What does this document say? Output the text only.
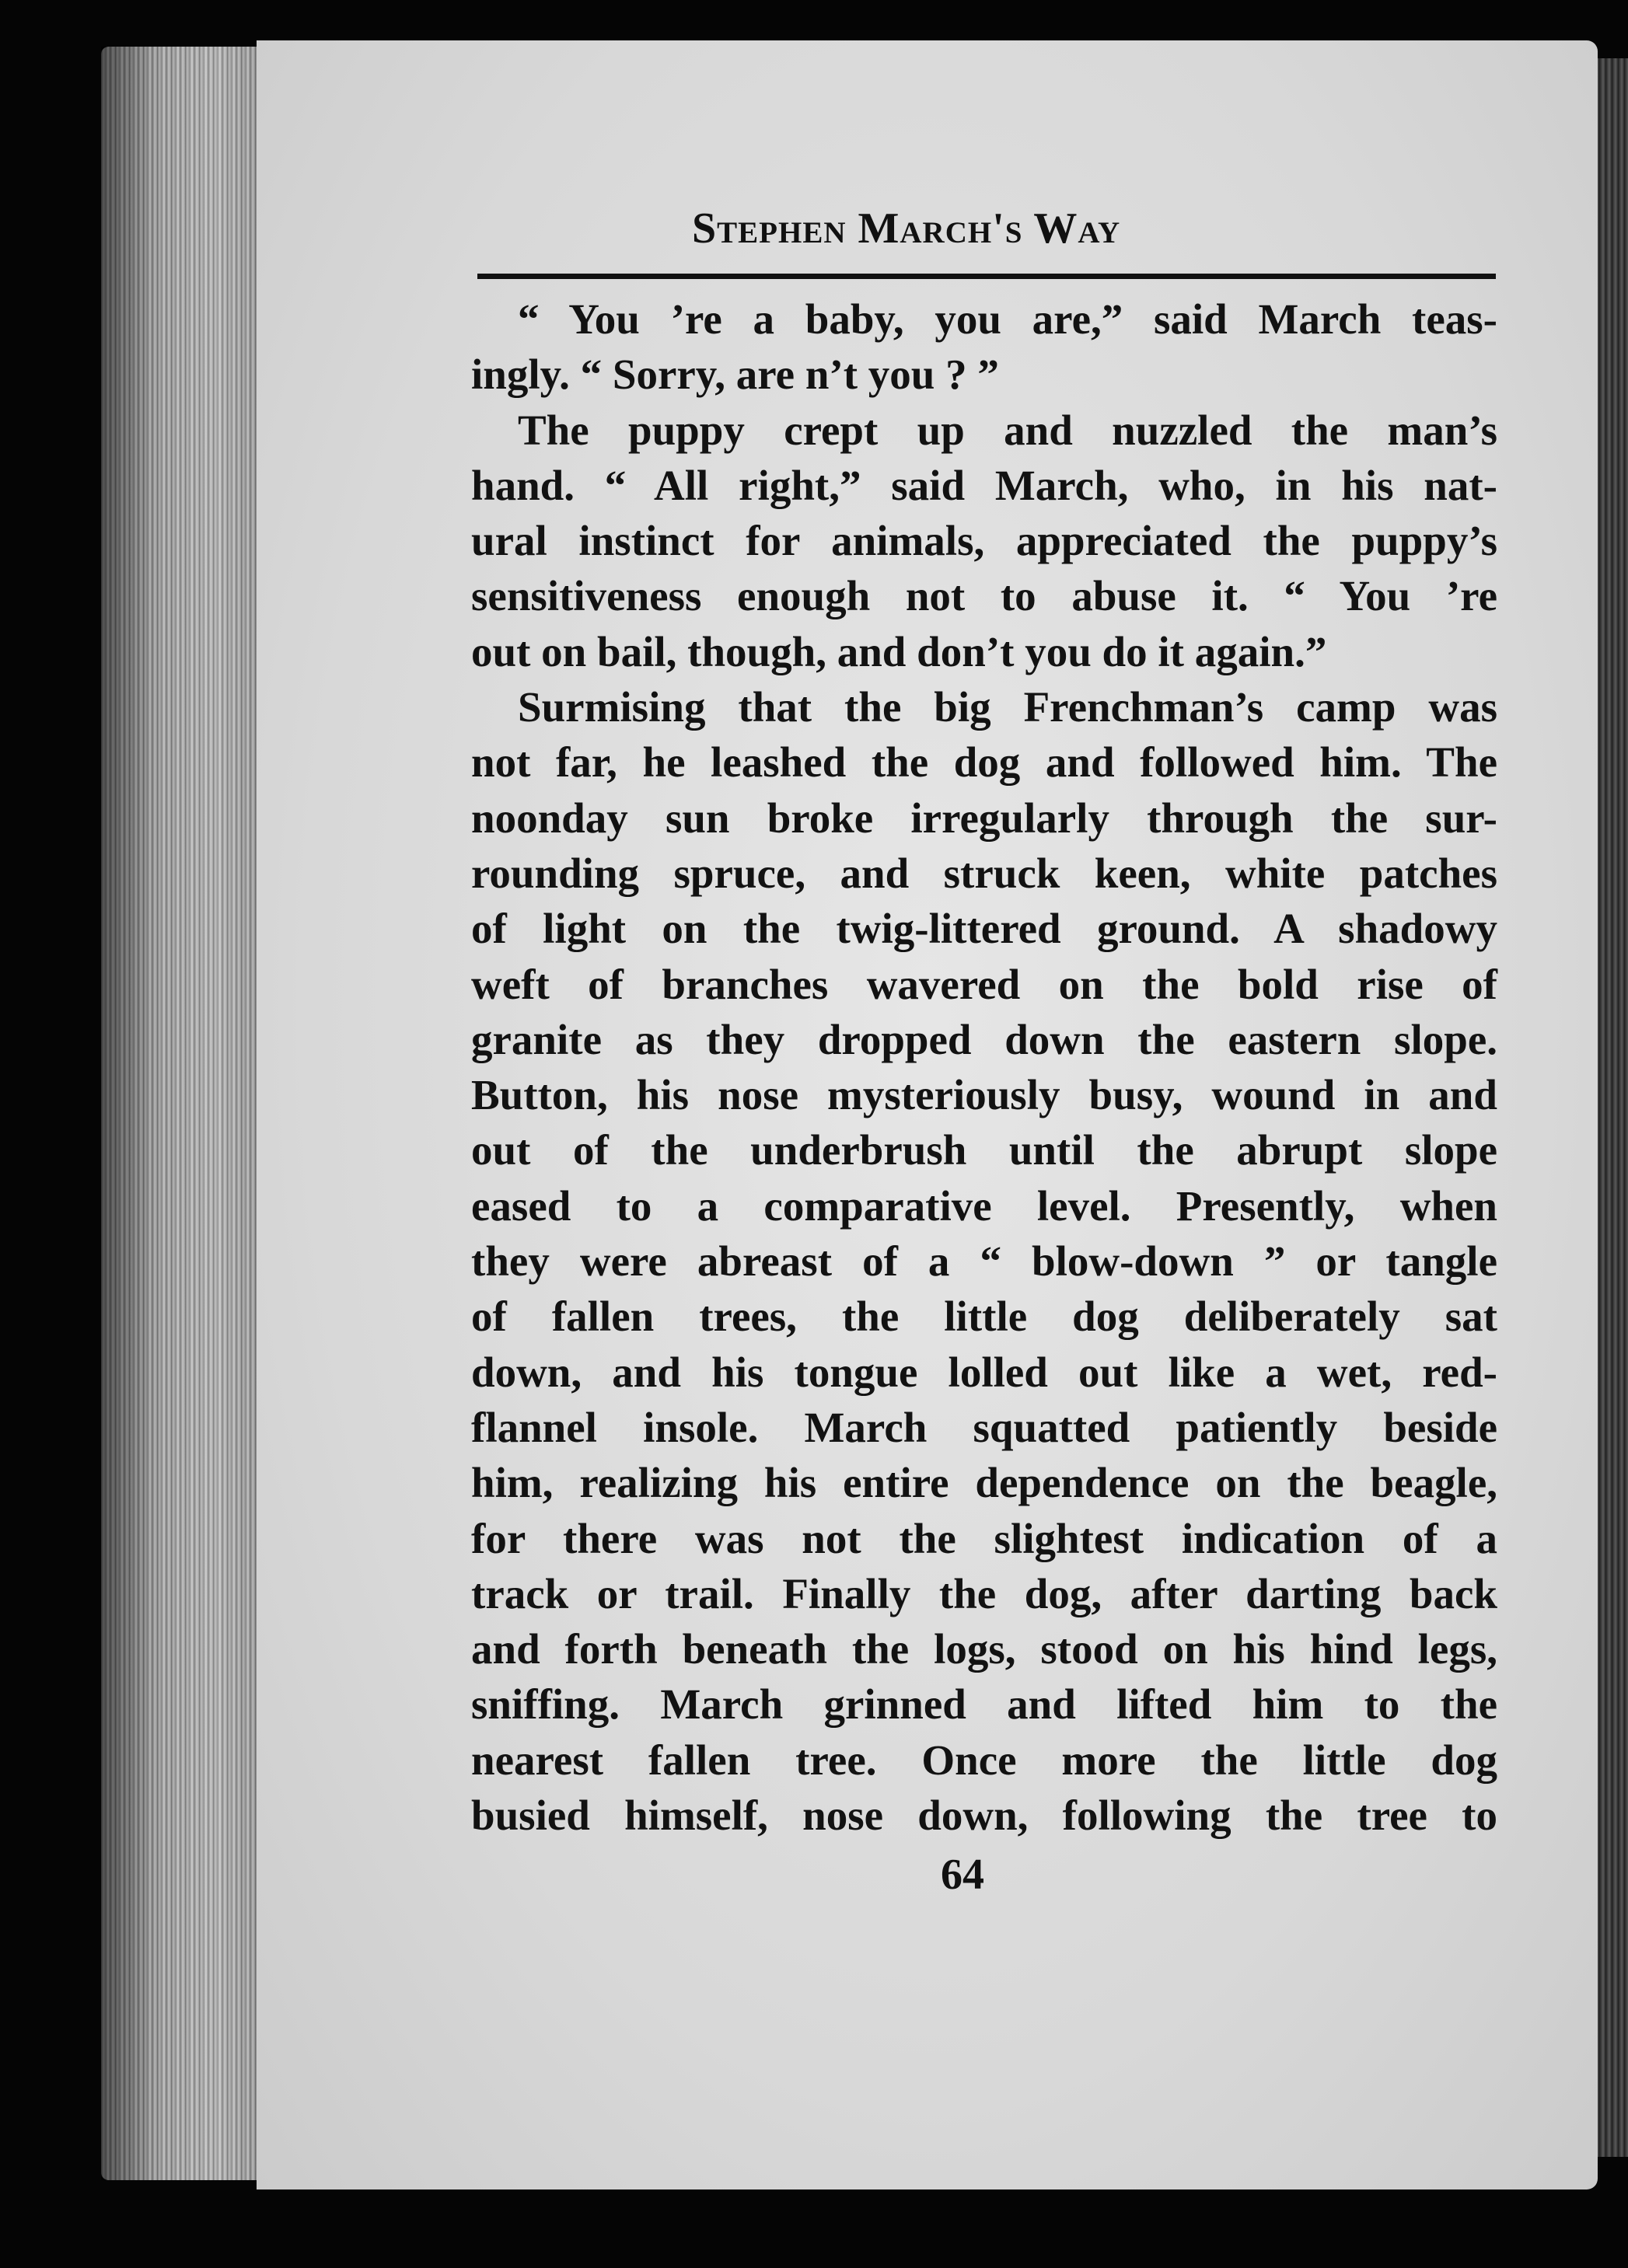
Stephen March's Way
“ You ’re a baby, you are,” said March teas-
ingly. “ Sorry, are n’t you ? ”
The puppy crept up and nuzzled the man’s
hand. “ All right,” said March, who, in his nat-
ural instinct for animals, appreciated the puppy’s
sensitiveness enough not to abuse it. “ You ’re
out on bail, though, and don’t you do it again.”
Surmising that the big Frenchman’s camp was
not far, he leashed the dog and followed him. The
noonday sun broke irregularly through the sur-
rounding spruce, and struck keen, white patches
of light on the twig-littered ground. A shadowy
weft of branches wavered on the bold rise of
granite as they dropped down the eastern slope.
Button, his nose mysteriously busy, wound in and
out of the underbrush until the abrupt slope
eased to a comparative level. Presently, when
they were abreast of a “ blow-down ” or tangle
of fallen trees, the little dog deliberately sat
down, and his tongue lolled out like a wet, red-
flannel insole. March squatted patiently beside
him, realizing his entire dependence on the beagle,
for there was not the slightest indication of a
track or trail. Finally the dog, after darting back
and forth beneath the logs, stood on his hind legs,
sniffing. March grinned and lifted him to the
nearest fallen tree. Once more the little dog
busied himself, nose down, following the tree to
64
